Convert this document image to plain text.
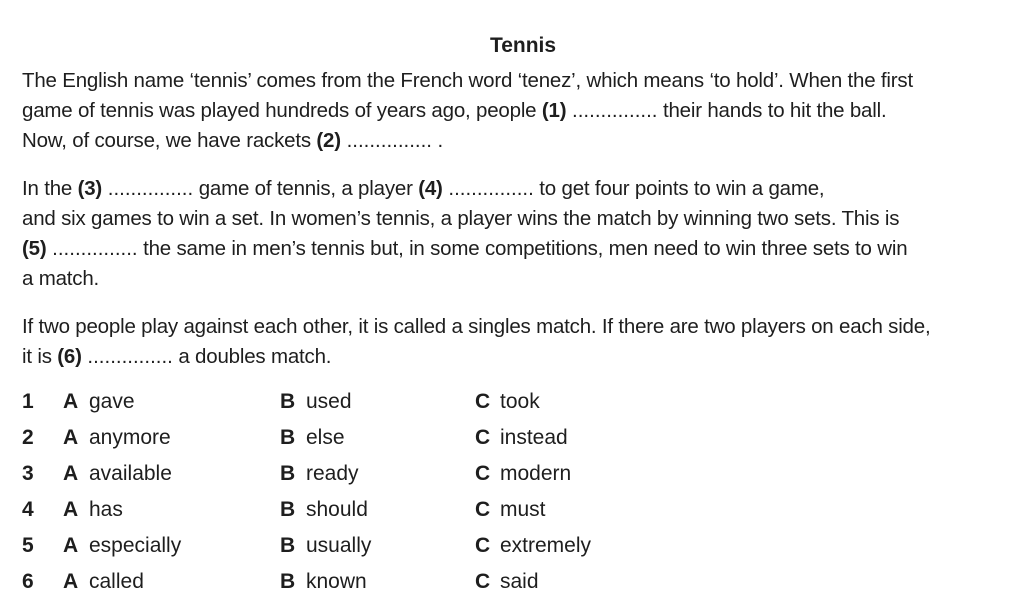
Tennis
The English name ‘tennis’ comes from the French word ‘tenez’, which means ‘to hold’. When the first
game of tennis was played hundreds of years ago, people (1) ............... their hands to hit the ball.
Now, of course, we have rackets (2) ............... .
In the (3) ............... game of tennis, a player (4) ............... to get four points to win a game,
and six games to win a set. In women’s tennis, a player wins the match by winning two sets. This is
(5) ............... the same in men’s tennis but, in some competitions, men need to win three sets to win
a match.
If two people play against each other, it is called a singles match. If there are two players on each side,
it is (6) ............... a doubles match.
1 A gave	B used	C took
2 A anymore	B else	C instead
3 A available	B ready	C modern
4 A has	B should	C must
5 A especially	B usually	C extremely
6 A called	B known	C said
